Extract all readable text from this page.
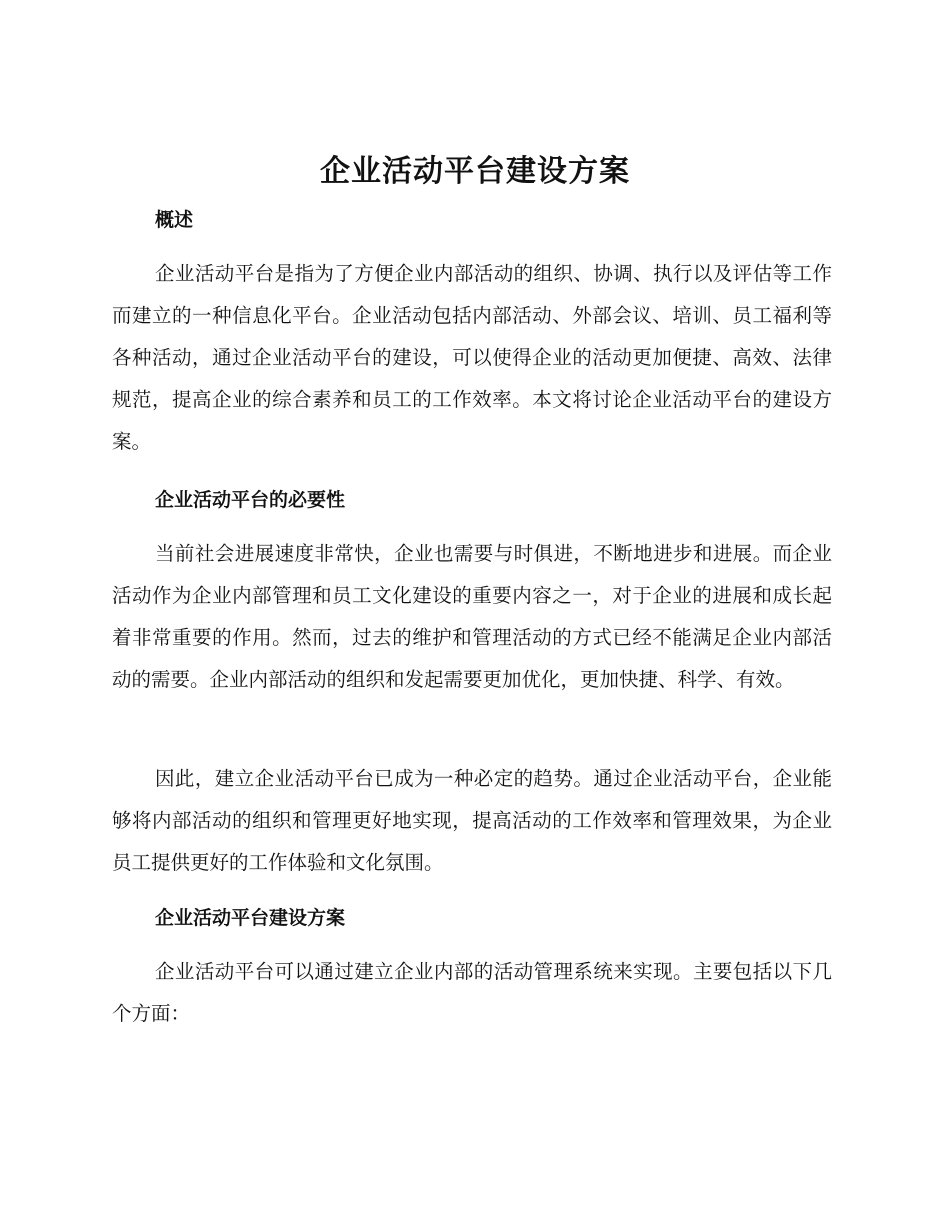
企业活动平台建设方案
概述

企业活动平台是指为了方便企业内部活动的组织、协调、执行以及评估等工作而建立的一种信息化平台。企业活动包括内部活动、外部会议、培训、员工福利等各种活动，通过企业活动平台的建设，可以使得企业的活动更加便捷、高效、法律规范，提高企业的综合素养和员工的工作效率。本文将讨论企业活动平台的建设方案。

企业活动平台的必要性

当前社会进展速度非常快，企业也需要与时俱进，不断地进步和进展。而企业活动作为企业内部管理和员工文化建设的重要内容之一，对于企业的进展和成长起着非常重要的作用。然而，过去的维护和管理活动的方式已经不能满足企业内部活动的需要。企业内部活动的组织和发起需要更加优化，更加快捷、科学、有效。

因此，建立企业活动平台已成为一种必定的趋势。通过企业活动平台，企业能够将内部活动的组织和管理更好地实现，提高活动的工作效率和管理效果，为企业员工提供更好的工作体验和文化氛围。

企业活动平台建设方案

企业活动平台可以通过建立企业内部的活动管理系统来实现。主要包括以下几个方面：
